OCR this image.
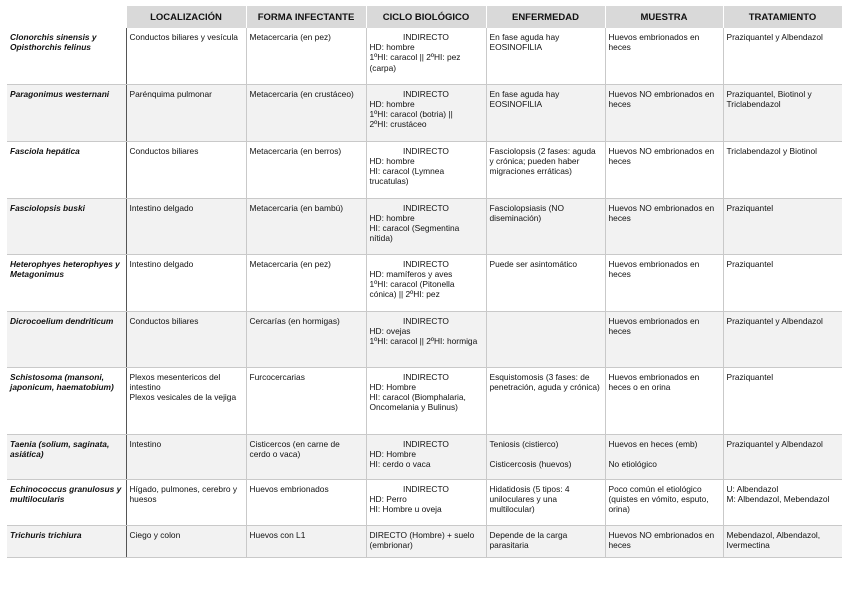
	LOCALIZACIÓN	FORMA INFECTANTE	CICLO BIOLÓGICO	ENFERMEDAD	MUESTRA	TRATAMIENTO
Clonorchis sinensis y Opisthorchis felinus	Conductos biliares y vesícula	Metacercaria (en pez)	INDIRECTO
HD: hombre
1ºHI: caracol || 2ºHI: pez (carpa)	En fase aguda hay EOSINOFILIA	Huevos embrionados en heces	Praziquantel y Albendazol
Paragonimus westernani	Parénquima pulmonar	Metacercaria (en crustáceo)	INDIRECTO
HD: hombre
1ºHI: caracol (botria) ||
2ºHI: crustáceo	En fase aguda hay EOSINOFILIA	Huevos NO embrionados en heces	Praziquantel, Biotinol y Triclabendazol
Fasciola hepática	Conductos biliares	Metacercaria (en berros)	INDIRECTO
HD: hombre
HI: caracol (Lymnea trucatulas)	Fasciolopsis (2 fases: aguda y crónica; pueden haber migraciones erráticas)	Huevos NO embrionados en heces	Triclabendazol y Biotinol
Fasciolopsis buski	Intestino delgado	Metacercaria (en bambú)	INDIRECTO
HD: hombre
HI: caracol (Segmentina nítida)	Fasciolopsiasis (NO diseminación)	Huevos NO embrionados en heces	Praziquantel
Heterophyes heterophyes y Metagonimus	Intestino delgado	Metacercaria (en pez)	INDIRECTO
HD: mamíferos y aves
1ºHI: caracol (Pitonella cónica) || 2ºHI: pez	Puede ser asintomático	Huevos embrionados en heces	Praziquantel
Dicrocoelium dendriticum	Conductos biliares	Cercarías (en hormigas)	INDIRECTO
HD: ovejas
1ºHI: caracol || 2ºHI: hormiga		Huevos embrionados en heces	Praziquantel y Albendazol
Schistosoma (mansoni, japonicum, haematobium)	Plexos mesentericos del intestino
Plexos vesicales de la vejiga	Furcocercarias	INDIRECTO
HD: Hombre
HI: caracol (Biomphalaria, Oncomelania y Bulinus)	Esquistomosis (3 fases: de penetración, aguda y crónica)	Huevos embrionados en heces o en orina	Praziquantel
Taenia (solium, saginata, asiática)	Intestino	Cisticercos (en carne de cerdo o vaca)	INDIRECTO
HD: Hombre
HI: cerdo o vaca	Teniosis (cistierco)
Cisticercosis (huevos)	Huevos en heces (emb)
No etiológico	Praziquantel y Albendazol
Echinococcus granulosus y multilocularis	Hígado, pulmones, cerebro y huesos	Huevos embrionados	INDIRECTO
HD: Perro
HI: Hombre u oveja	Hidatidosis (5 tipos: 4 uniloculares y una multilocular)	Poco común el etiológico (quistes en vómito, esputo, orina)	U: Albendazol
M: Albendazol, Mebendazol
Trichuris trichiura	Ciego y colon	Huevos con L1	DIRECTO (Hombre) + suelo (embrionar)	Depende de la carga parasitaria	Huevos NO embrionados en heces	Mebendazol, Albendazol, Ivermectina
